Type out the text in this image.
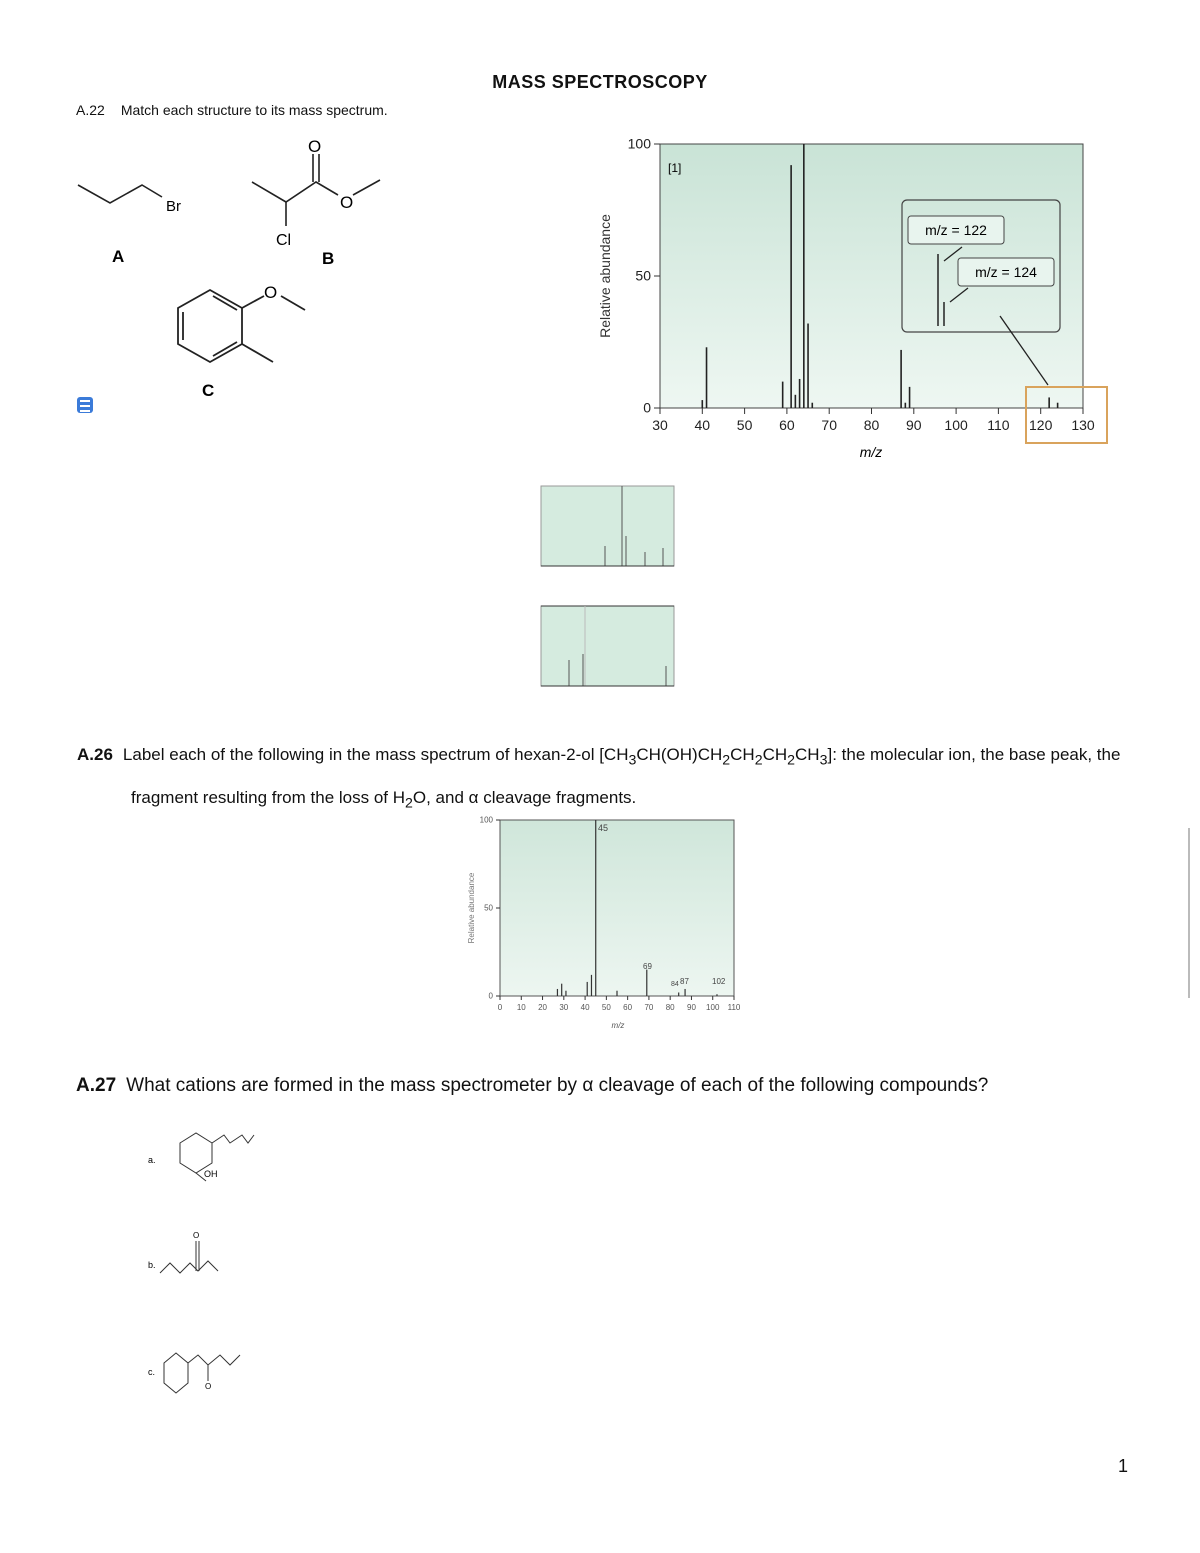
MASS SPECTROSCOPY
A.22 Match each structure to its mass spectrum.
Br
A
O
O
Cl
B
O
C
[1]
Relative abundance
m/z
0
50
100
30 40 50 60 70 80 90 100 110 120 130
m/z = 122
m/z = 124
A.26 Label each of the following in the mass spectrum of hexan-2-ol $[CH_3CH(OH)CH_2CH_2CH_2CH_3]$: the molecular ion, the base peak, the
fragment resulting from the loss of $H_2O$, and α cleavage fragments.
Relative abundance
m/z
0
50
100
0 10 20 30 40 50 60 70 80 90 100 110
45
69
84 87	102
A.27 What cations are formed in the mass spectrometer by α cleavage of each of the following compounds?
a.
OH
b.
O
c.
O
1
